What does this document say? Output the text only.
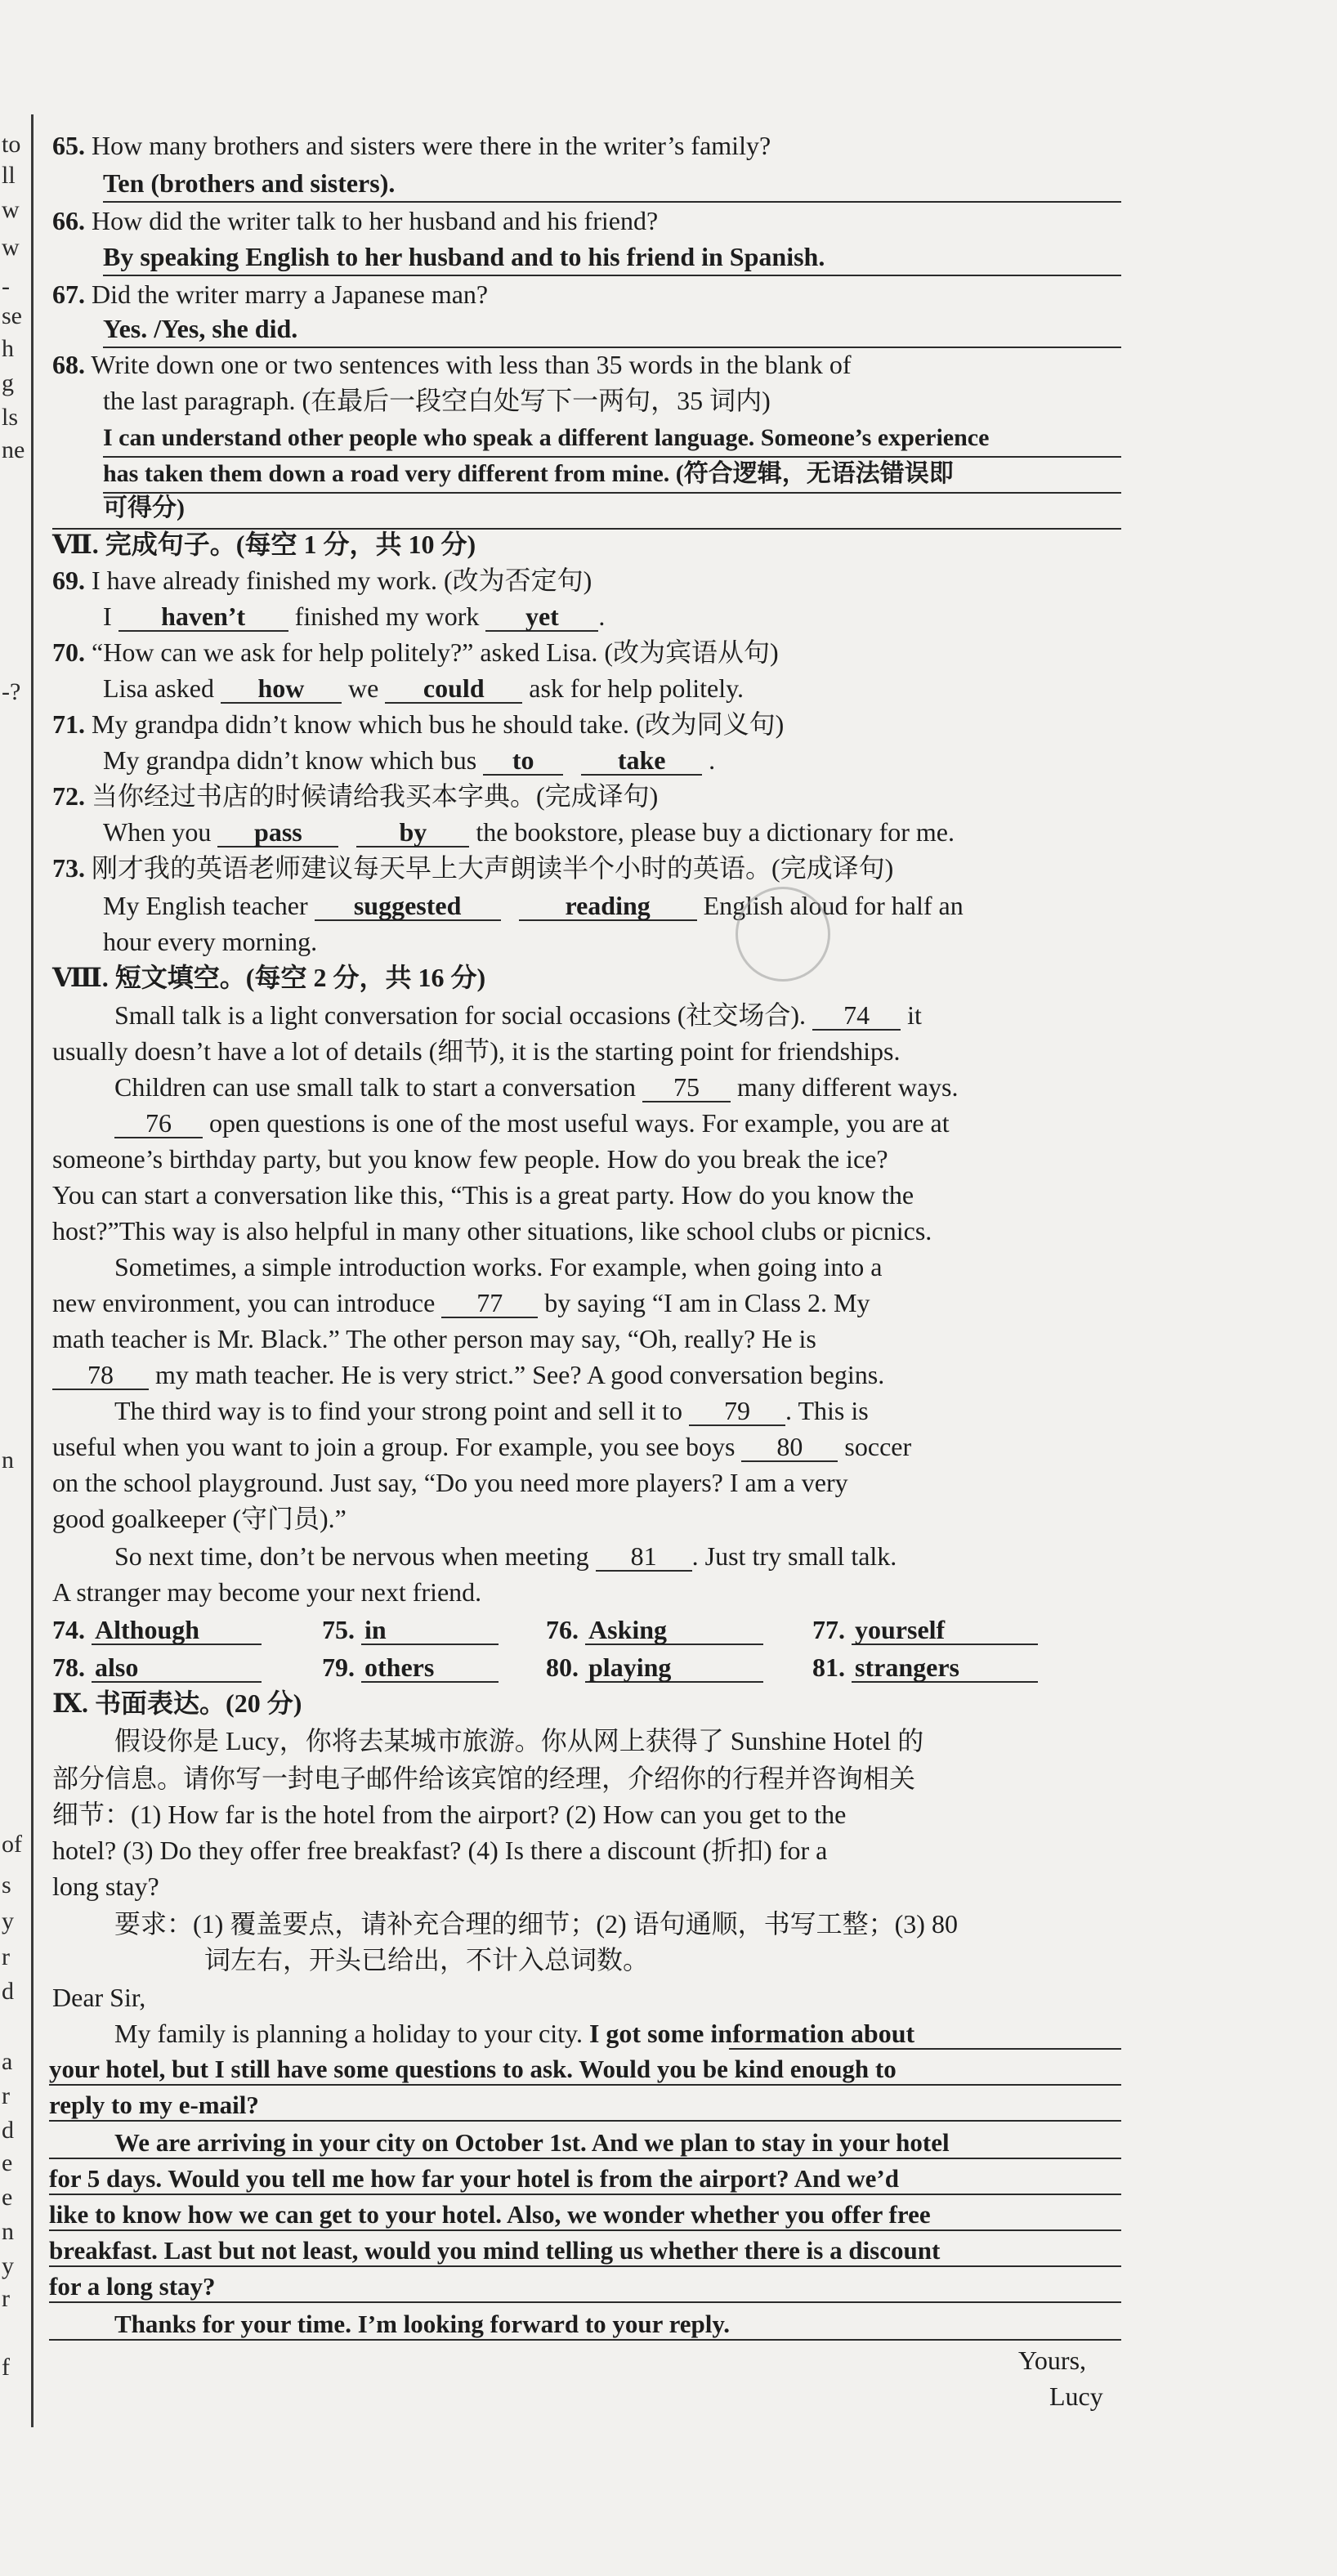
to
ll
w
w
-
se
h
g
ls
ne
-?
n
of
s
y
r
d
a
r
d
e
e
n
y
r
f
65. How many brothers and sisters were there in the writer’s family?
Ten (brothers and sisters).
66. How did the writer talk to her husband and his friend?
By speaking English to her husband and to his friend in Spanish.
67. Did the writer marry a Japanese man?
Yes. /Yes, she did.
68. Write down one or two sentences with less than 35 words in the blank of
the last paragraph. (在最后一段空白处写下一两句，35 词内)
I can understand other people who speak a different language. Someone’s experience
has taken them down a road very different from mine. (符合逻辑，无语法错误即
可得分)
Ⅶ. 完成句子。(每空 1 分，共 10 分)
69. I have already finished my work. (改为否定句)
I haven’t finished my work yet .
70. “How can we ask for help politely?” asked Lisa. (改为宾语从句)
Lisa asked how we could ask for help politely.
71. My grandpa didn’t know which bus he should take. (改为同义句)
My grandpa didn’t know which bus to	take .
72. 当你经过书店的时候请给我买本字典。(完成译句)
When you pass	by the bookstore, please buy a dictionary for me.
73. 刚才我的英语老师建议每天早上大声朗读半个小时的英语。(完成译句)
My English teacher suggested	reading English aloud for half an
hour every morning.
Ⅷ. 短文填空。(每空 2 分，共 16 分)
Small talk is a light conversation for social occasions (社交场合). 74 it
usually doesn’t have a lot of details (细节), it is the starting point for friendships.
Children can use small talk to start a conversation 75 many different ways.
76 open questions is one of the most useful ways. For example, you are at
someone’s birthday party, but you know few people. How do you break the ice?
You can start a conversation like this, “This is a great party. How do you know the
host?”This way is also helpful in many other situations, like school clubs or picnics.
Sometimes, a simple introduction works. For example, when going into a
new environment, you can introduce 77 by saying “I am in Class 2. My
math teacher is Mr. Black.” The other person may say, “Oh, really? He is
78 my math teacher. He is very strict.” See? A good conversation begins.
The third way is to find your strong point and sell it to 79 . This is
useful when you want to join a group. For example, you see boys 80 soccer
on the school playground. Just say, “Do you need more players? I am a very
good goalkeeper (守门员).”
So next time, don’t be nervous when meeting 81 . Just try small talk.
A stranger may become your next friend.
74. Although	75. in	76. Asking	77. yourself
78. also	79. others	80. playing	81. strangers
Ⅸ. 书面表达。(20 分)
假设你是 Lucy，你将去某城市旅游。你从网上获得了 Sunshine Hotel 的
部分信息。请你写一封电子邮件给该宾馆的经理，介绍你的行程并咨询相关
细节：(1) How far is the hotel from the airport? (2) How can you get to the
hotel? (3) Do they offer free breakfast? (4) Is there a discount (折扣) for a
long stay?
要求：(1) 覆盖要点，请补充合理的细节；(2) 语句通顺，书写工整；(3) 80
词左右，开头已给出，不计入总词数。
Dear Sir,
My family is planning a holiday to your city. I got some information about
your hotel, but I still have some questions to ask. Would you be kind enough to
reply to my e-mail?
We are arriving in your city on October 1st. And we plan to stay in your hotel
for 5 days. Would you tell me how far your hotel is from the airport? And we’d
like to know how we can get to your hotel. Also, we wonder whether you offer free
breakfast. Last but not least, would you mind telling us whether there is a discount
for a long stay?
Thanks for your time. I’m looking forward to your reply.
Yours,
Lucy
